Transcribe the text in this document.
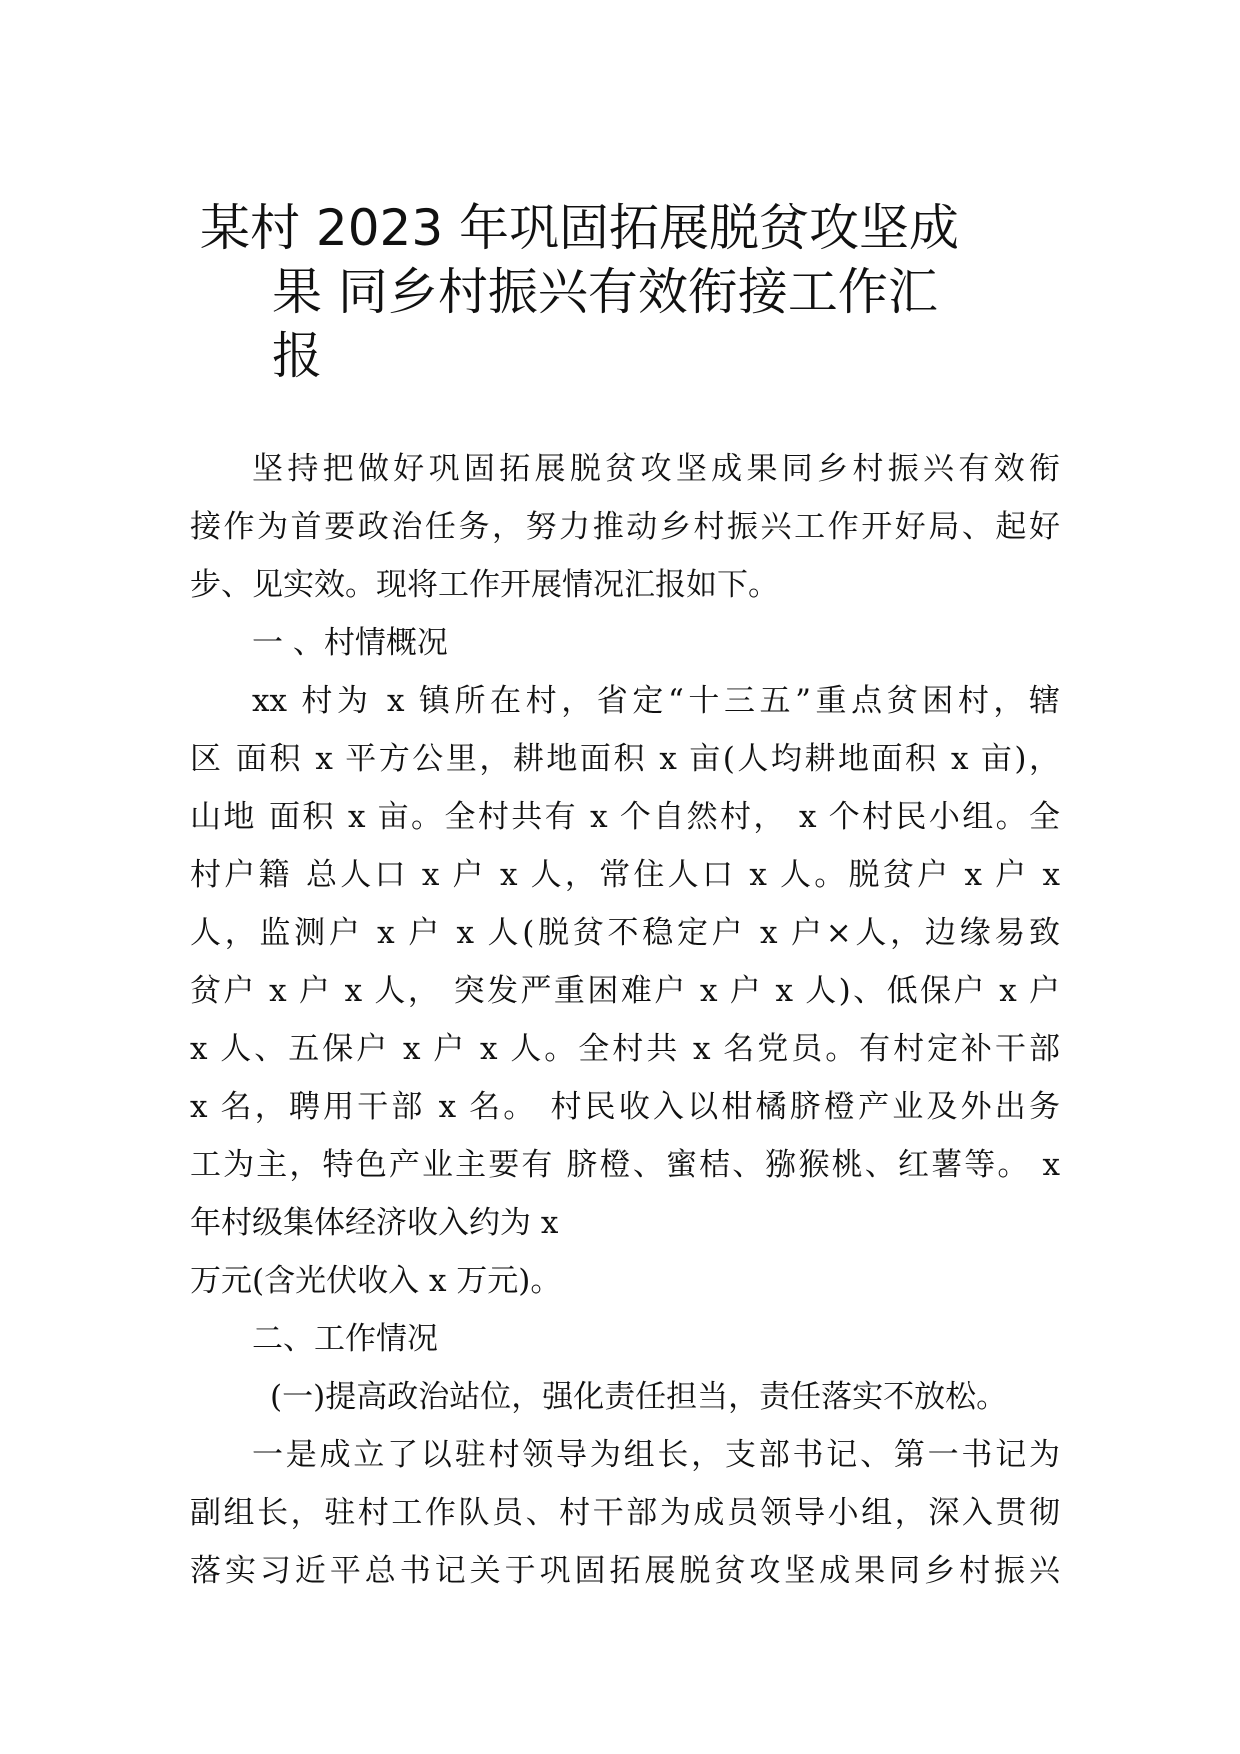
某村 2023 年巩固拓展脱贫攻坚成
果 同乡村振兴有效衔接工作汇
报

坚持把做好巩固拓展脱贫攻坚成果同乡村振兴有效衔
接作为首要政治任务，努力推动乡村振兴工作开好局、起好
步、见实效。现将工作开展情况汇报如下。

一 、村情概况

xx 村为 x 镇所在村，省定“十三五”重点贫困村，辖
区 面积 x 平方公里，耕地面积 x 亩(人均耕地面积 x 亩)，
山地 面积 x 亩。全村共有 x 个自然村， x 个村民小组。全
村户籍 总人口 x 户 x 人，常住人口 x 人。脱贫户 x 户 x
人，监测户 x 户 x 人(脱贫不稳定户 x 户×人，边缘易致
贫户 x 户 x 人， 突发严重困难户 x 户 x 人)、低保户 x 户
x 人、五保户 x 户 x 人。全村共 x 名党员。有村定补干部
x 名，聘用干部 x 名。 村民收入以柑橘脐橙产业及外出务
工为主，特色产业主要有 脐橙、蜜桔、猕猴桃、红薯等。 x
年村级集体经济收入约为 x
万元(含光伏收入 x 万元)。

二、工作情况

(一)提高政治站位，强化责任担当，责任落实不放松。

一是成立了以驻村领导为组长，支部书记、第一书记为
副组长，驻村工作队员、村干部为成员领导小组，深入贯彻
落实习近平总书记关于巩固拓展脱贫攻坚成果同乡村振兴
